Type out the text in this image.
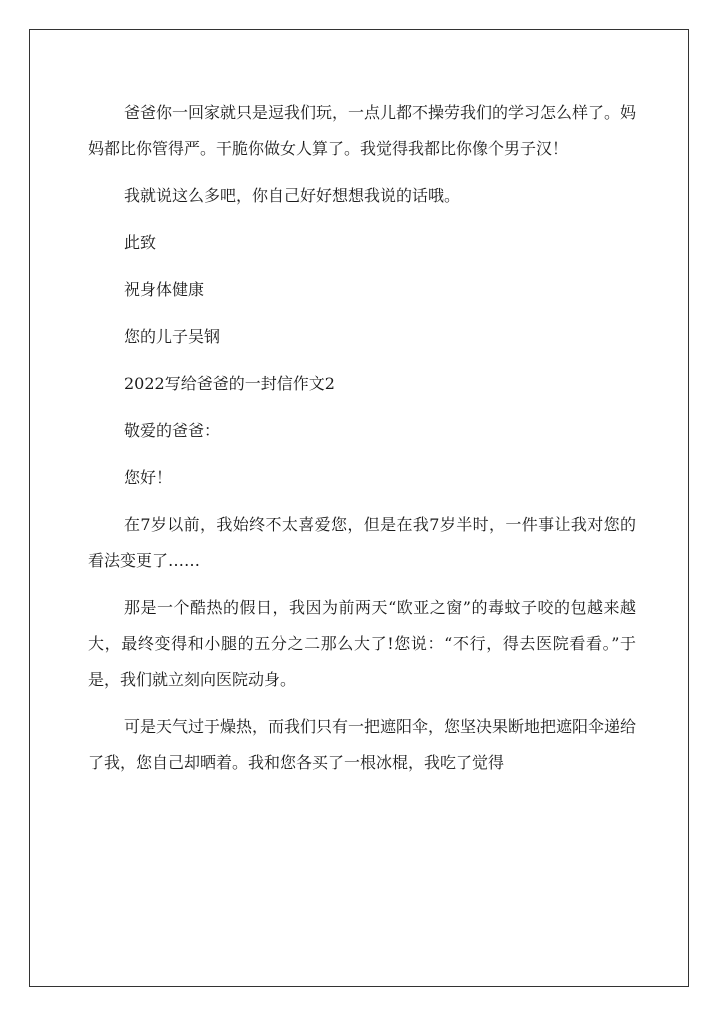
爸爸你一回家就只是逗我们玩，一点儿都不操劳我们的学习怎么样了。妈妈都比你管得严。干脆你做女人算了。我觉得我都比你像个男子汉！

我就说这么多吧，你自己好好想想我说的话哦。

此致

祝身体健康

您的儿子吴钢

2022写给爸爸的一封信作文2

敬爱的爸爸：

您好！

在7岁以前，我始终不太喜爱您，但是在我7岁半时，一件事让我对您的看法变更了……

那是一个酷热的假日，我因为前两天“欧亚之窗”的毒蚊子咬的包越来越大，最终变得和小腿的五分之二那么大了!您说：“不行，得去医院看看。”于是，我们就立刻向医院动身。

可是天气过于燥热，而我们只有一把遮阳伞，您坚决果断地把遮阳伞递给了我，您自己却晒着。我和您各买了一根冰棍，我吃了觉得
